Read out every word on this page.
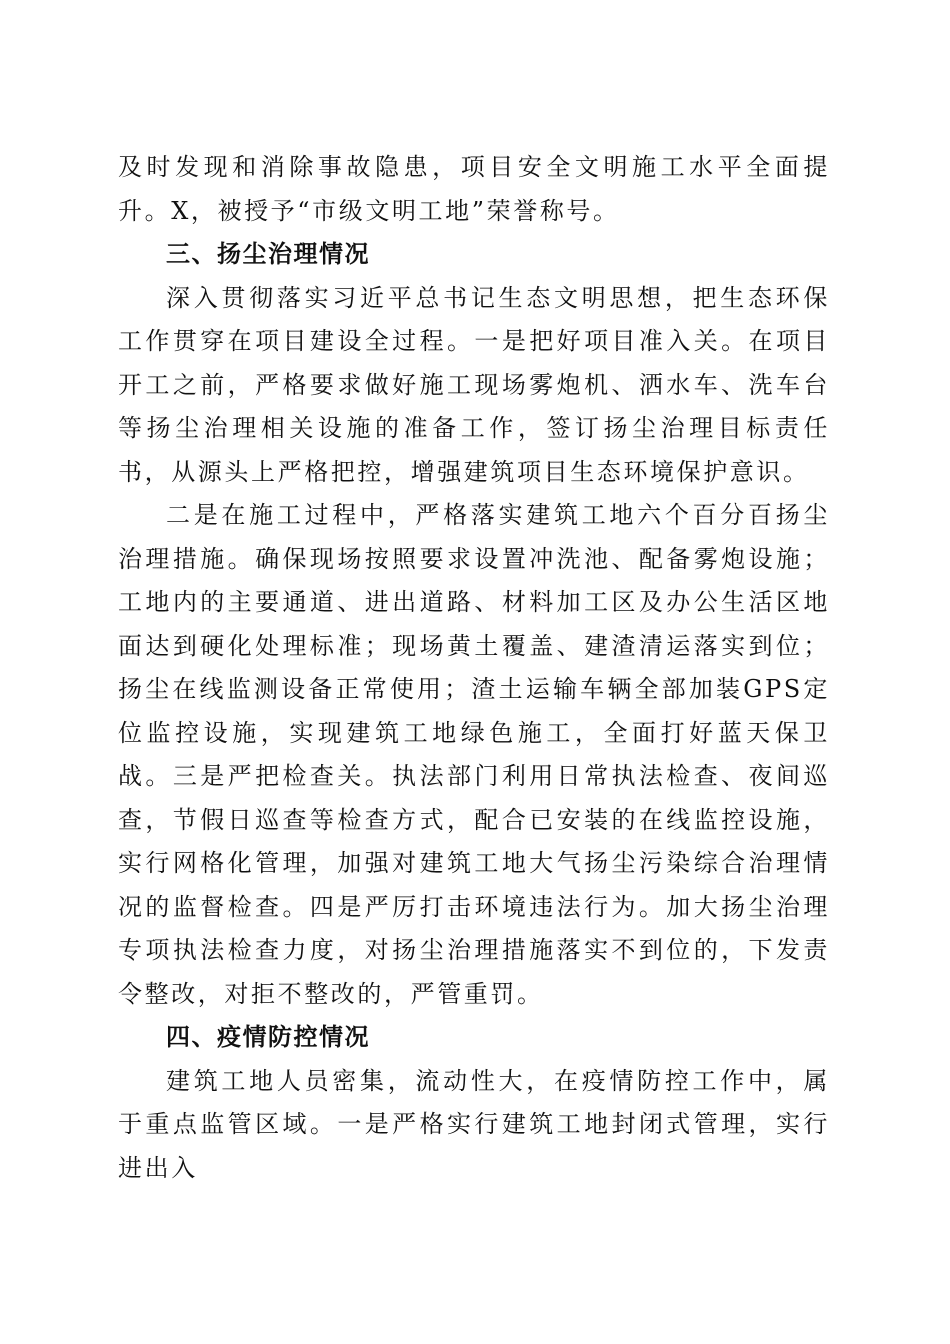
及时发现和消除事故隐患，项目安全文明施工水平全面提升。X，被授予“市级文明工地”荣誉称号。

三、扬尘治理情况

深入贯彻落实习近平总书记生态文明思想，把生态环保工作贯穿在项目建设全过程。一是把好项目准入关。在项目开工之前，严格要求做好施工现场雾炮机、洒水车、洗车台等扬尘治理相关设施的准备工作，签订扬尘治理目标责任书，从源头上严格把控，增强建筑项目生态环境保护意识。

二是在施工过程中，严格落实建筑工地六个百分百扬尘治理措施。确保现场按照要求设置冲洗池、配备雾炮设施；工地内的主要通道、进出道路、材料加工区及办公生活区地面达到硬化处理标准；现场黄土覆盖、建渣清运落实到位；扬尘在线监测设备正常使用；渣土运输车辆全部加装GPS定位监控设施，实现建筑工地绿色施工，全面打好蓝天保卫战。三是严把检查关。执法部门利用日常执法检查、夜间巡查，节假日巡查等检查方式，配合已安装的在线监控设施，实行网格化管理，加强对建筑工地大气扬尘污染综合治理情况的监督检查。四是严厉打击环境违法行为。加大扬尘治理专项执法检查力度，对扬尘治理措施落实不到位的，下发责令整改，对拒不整改的，严管重罚。

四、疫情防控情况

建筑工地人员密集，流动性大，在疫情防控工作中，属于重点监管区域。一是严格实行建筑工地封闭式管理，实行进出入
